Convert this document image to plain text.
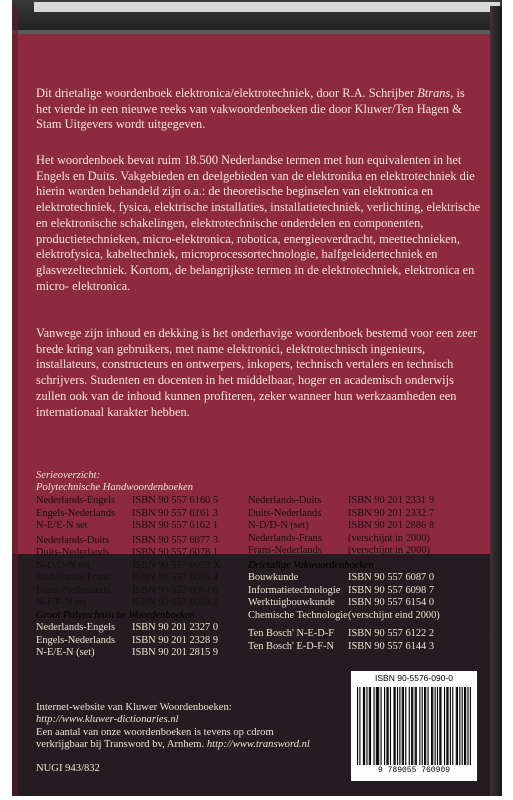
Dit drietalige woordenboek elektronica/elektrotechniek, door R.A. Schrijber Btrans, is het vierde in een nieuwe reeks van vakwoordenboeken die door Kluwer/Ten Hagen & Stam Uitgevers wordt uitgegeven.

Het woordenboek bevat ruim 18.500 Nederlandse termen met hun equivalenten in het Engels en Duits. Vakgebieden en deelgebieden van de elektronika en elektrotechniek die hierin worden behandeld zijn o.a.: de theoretische beginselen van elektronica en elektrotechniek, fysica, elektrische installaties, installatietechniek, verlichting, elektrische en elektronische schakelingen, elektrotechnische onderdelen en componenten, productietechnieken, micro-elektronica, robotica, energieoverdracht, meettechnieken, elektrofysica, kabeltechniek, microprocessortechnologie, halfgeleidertechniek en glasvezeltechniek. Kortom, de belangrijkste termen in de elektrotechniek, elektronica en micro- elektronica.

Vanwege zijn inhoud en dekking is het onderhavige woordenboek bestemd voor een zeer brede kring van gebruikers, met name elektronici, elektrotechnisch ingenieurs, installateurs, constructeurs en ontwerpers, inkopers, technisch vertalers en technisch schrijvers. Studenten en docenten in het middelbaar, hoger en academisch onderwijs zullen ook van de inhoud kunnen profiteren, zeker wanneer hun werkzaamheden een internationaal karakter hebben.

Serieoverzicht:
Polytechnische Handwoordenboeken
Nederlands-Engels	ISBN 90 557 6160 5
Engels-Nederlands	ISBN 90 557 6161 3
N-E/E-N set	ISBN 90 557 6162 1
Nederlands-Duits	ISBN 90 557 6077 3
Duits-Nederlands	ISBN 90 557 6078 1
N-D/D-N set	ISBN 90 557 6079 X
Nederlands-Frans	ISBN 90 557 6085 4
Frans-Nederlands	ISBN 90 557 6084 6
N-F/F-N set	ISBN 90 557 6086 2
Groot Polytechnische Woordenboeken
Nederlands-Engels	ISBN 90 201 2327 0
Engels-Nederlands	ISBN 90 201 2328 9
N-E/E-N (set)	ISBN 90 201 2815 9
Nederlands-Duits	ISBN 90 201 2331 9
Duits-Nederlands	ISBN 90 201 2332 7
N-D/D-N (set)	ISBN 90 201 2886 8
Nederlands-Frans	(verschijnt in 2000)
Frans-Nederlands	(verschijnt in 2000)
Drietalige Vakwoordenboeken
Bouwkunde	ISBN 90 557 6087 0
Informatietechnologie ISBN 90 557 6098 7
Werktuigbouwkunde	ISBN 90 557 6154 0
Chemische Technologie (verschijnt eind 2000)
Ten Bosch' N-E-D-F	ISBN 90 557 6122 2
Ten Bosch' E-D-F-N	ISBN 90 557 6144 3
ISBN 90-5576-090-0
9 789055 760909
Internet-website van Kluwer Woordenboeken:
http://www.kluwer-dictionaries.nl
Een aantal van onze woordenboeken is tevens op cdrom
verkrijgbaar bij Transword bv, Arnhem. http://www.transword.nl
NUGI 943/832
